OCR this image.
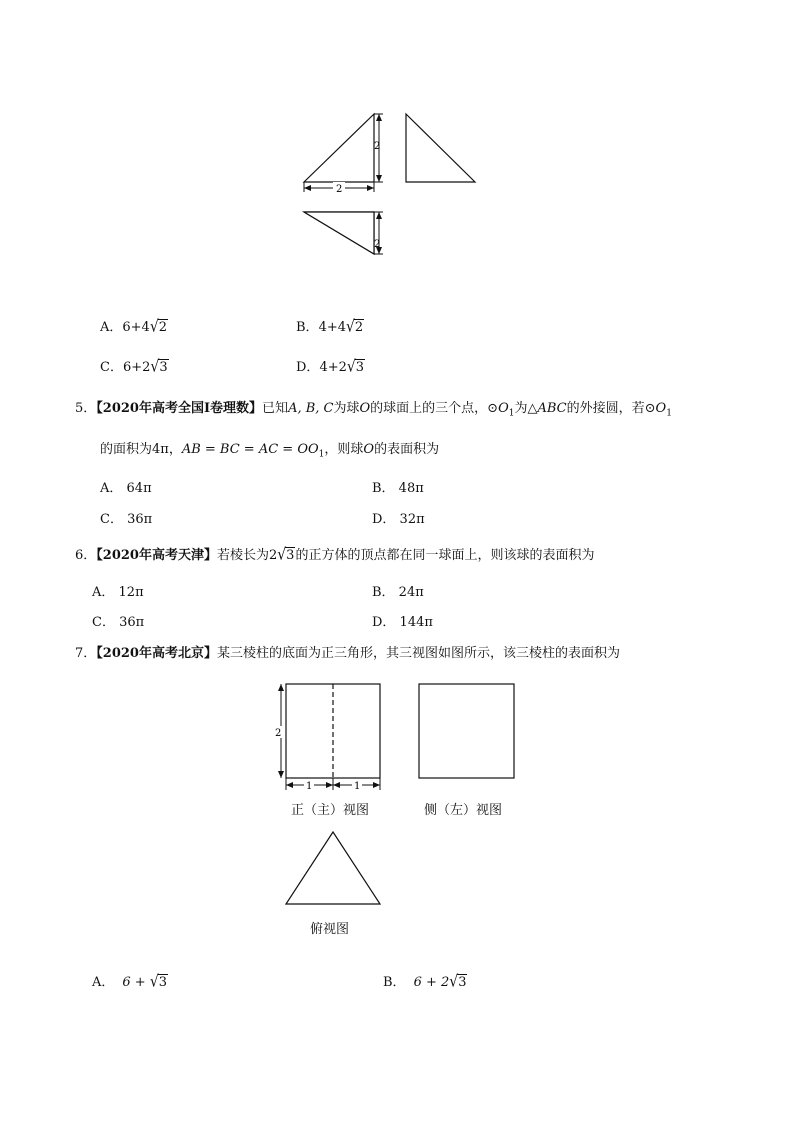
2
2
2
A．6+4√2	B．4+4√2
C．6+2√3	D．4+2√3
5．【2020年高考全国Ⅰ卷理数】已知A, B, C为球O的球面上的三个点，$⊙O_1$为△ABC的外接圆，若$⊙O_1$
的面积为4π，AB = BC = AC = $OO_1$，则球O的表面积为
A． 64π	B． 48π
C． 36π	D． 32π
6．【2020年高考天津】若棱长为2√3的正方体的顶点都在同一球面上，则该球的表面积为
A． 12π	B． 24π
C． 36π	D． 144π
7．【2020年高考北京】某三棱柱的底面为正三角形，其三视图如图所示，该三棱柱的表面积为
2
1	1
正（主）视图	侧（左）视图
俯视图
A． 6 + √3	B． 6 + 2√3
